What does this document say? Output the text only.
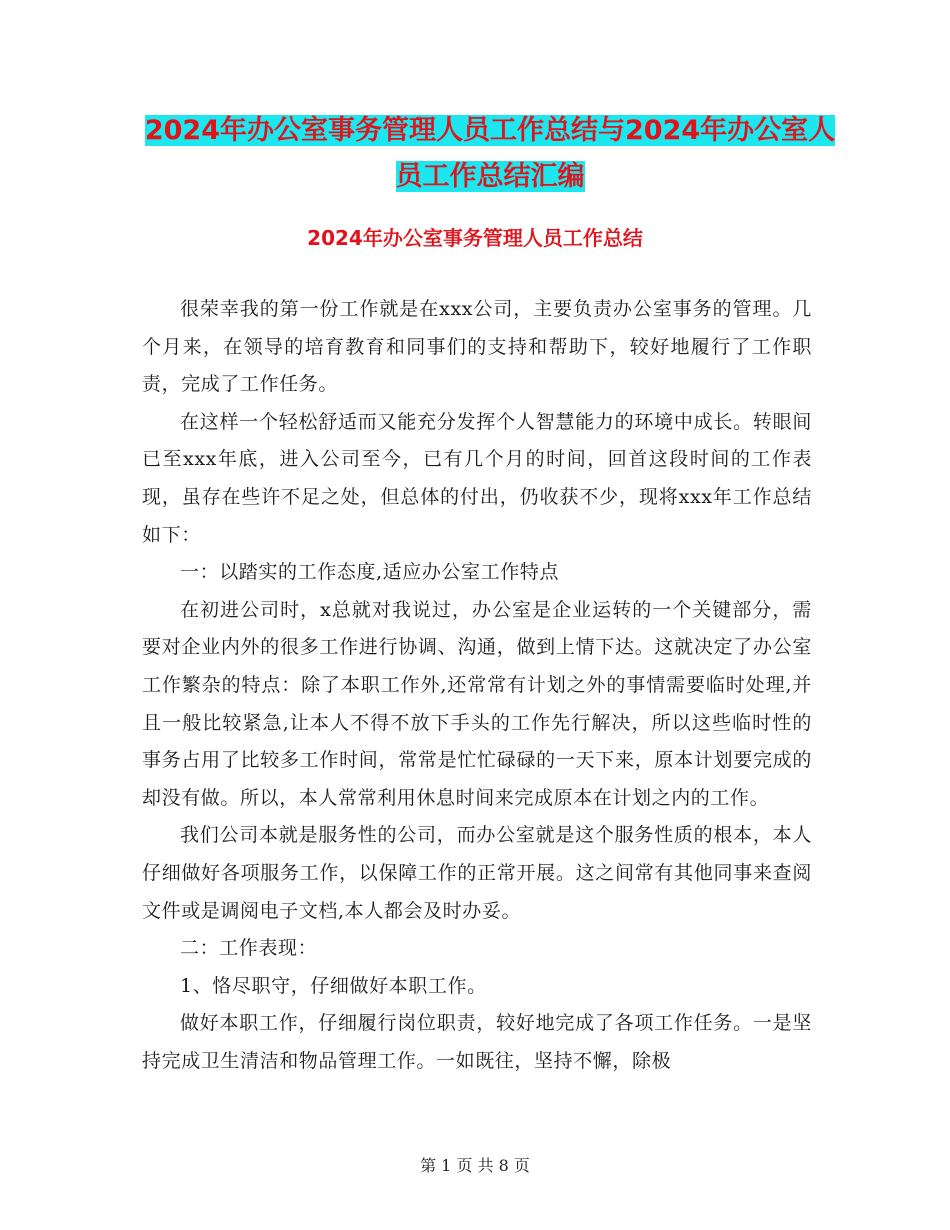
2024年办公室事务管理人员工作总结与2024年办公室人员工作总结汇编
2024年办公室事务管理人员工作总结

很荣幸我的第一份工作就是在xxx公司，主要负责办公室事务的管理。几个月来，在领导的培育教育和同事们的支持和帮助下，较好地履行了工作职责，完成了工作任务。

在这样一个轻松舒适而又能充分发挥个人智慧能力的环境中成长。转眼间已至xxx年底，进入公司至今，已有几个月的时间，回首这段时间的工作表现，虽存在些许不足之处，但总体的付出，仍收获不少，现将xxx年工作总结如下：

一：以踏实的工作态度,适应办公室工作特点

在初进公司时，x总就对我说过，办公室是企业运转的一个关键部分，需要对企业内外的很多工作进行协调、沟通，做到上情下达。这就决定了办公室工作繁杂的特点：除了本职工作外,还常常有计划之外的事情需要临时处理,并且一般比较紧急,让本人不得不放下手头的工作先行解决，所以这些临时性的事务占用了比较多工作时间，常常是忙忙碌碌的一天下来，原本计划要完成的却没有做。所以，本人常常利用休息时间来完成原本在计划之内的工作。

我们公司本就是服务性的公司，而办公室就是这个服务性质的根本，本人仔细做好各项服务工作，以保障工作的正常开展。这之间常有其他同事来查阅文件或是调阅电子文档,本人都会及时办妥。

二：工作表现：

1、恪尽职守，仔细做好本职工作。

做好本职工作，仔细履行岗位职责，较好地完成了各项工作任务。一是坚持完成卫生清洁和物品管理工作。一如既往，坚持不懈，除极

第 1 页 共 8 页
